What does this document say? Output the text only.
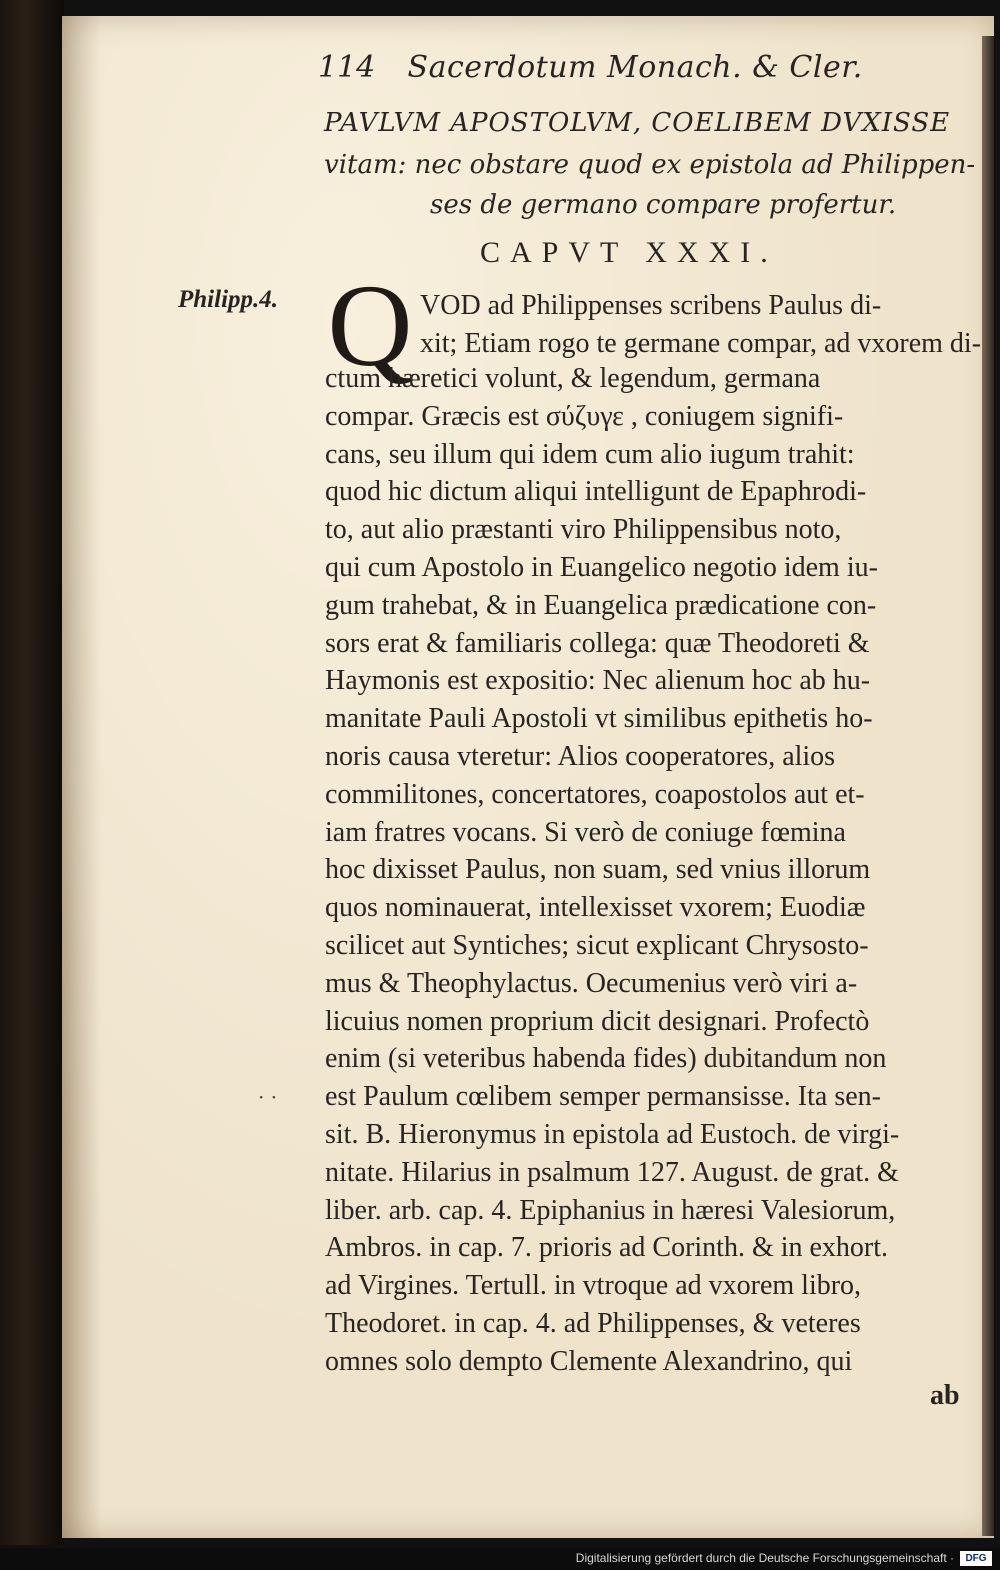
114 Sacerdotum Monach. & Cler.
PAVLVM APOSTOLVM, COELIBEM DVXISSE
vitam: nec obstare quod ex epistola ad Philippen-
ses de germano compare profertur.
CAPVT XXXI.
Philipp.4. Q VOD ad Philippenses scribens Paulus di-
xit; Etiam rogo te germane compar, ad vxorem di-
ctum hæretici volunt, & legendum, germana
compar. Græcis est σύζυγε , coniugem signifi-
cans, seu illum qui idem cum alio iugum trahit:
quod hic dictum aliqui intelligunt de Epaphrodi-
to, aut alio præstanti viro Philippensibus noto,
qui cum Apostolo in Euangelico negotio idem iu-
gum trahebat, & in Euangelica prædicatione con-
sors erat & familiaris collega: quæ Theodoreti &
Haymonis est expositio: Nec alienum hoc ab hu-
manitate Pauli Apostoli vt similibus epithetis ho-
noris causa vteretur: Alios cooperatores, alios
commilitones, concertatores, coapostolos aut et-
iam fratres vocans. Si verò de coniuge fœmina
hoc dixisset Paulus, non suam, sed vnius illorum
quos nominauerat, intellexisset vxorem; Euodiæ
scilicet aut Syntiches; sicut explicant Chrysosto-
mus & Theophylactus. Oecumenius verò viri a-
licuius nomen proprium dicit designari. Profectò
enim (si veteribus habenda fides) dubitandum non
est Paulum cœlibem semper permansisse. Ita sen-
sit. B. Hieronymus in epistola ad Eustoch. de virgi-
nitate. Hilarius in psalmum 127. August. de grat. &
liber. arb. cap. 4. Epiphanius in hæresi Valesiorum,
Ambros. in cap. 7. prioris ad Corinth. & in exhort.
ad Virgines. Tertull. in vtroque ad vxorem libro,
Theodoret. in cap. 4. ad Philippenses, & veteres
omnes solo dempto Clemente Alexandrino, qui
· ·
ab
Digitalisierung gefördert durch die Deutsche Forschungsgemeinschaft ·	DFG
